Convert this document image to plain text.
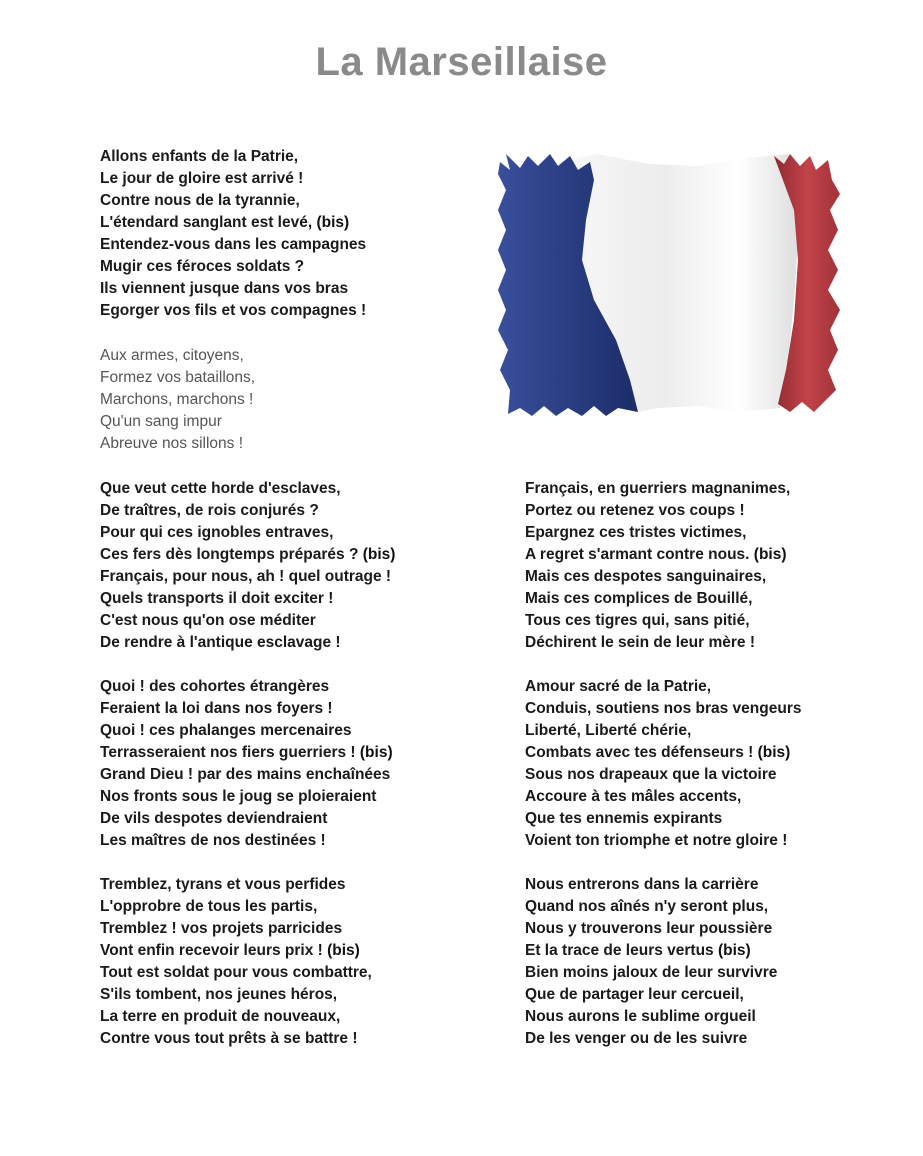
La Marseillaise
Allons enfants de la Patrie,
Le jour de gloire est arrivé !
Contre nous de la tyrannie,
L'étendard sanglant est levé, (bis)
Entendez-vous dans les campagnes
Mugir ces féroces soldats ?
Ils viennent jusque dans vos bras
Egorger vos fils et vos compagnes !
Aux armes, citoyens,
Formez vos bataillons,
Marchons, marchons !
Qu'un sang impur
Abreuve nos sillons !
Que veut cette horde d'esclaves,
De traîtres, de rois conjurés ?
Pour qui ces ignobles entraves,
Ces fers dès longtemps préparés ? (bis)
Français, pour nous, ah ! quel outrage !
Quels transports il doit exciter !
C'est nous qu'on ose méditer
De rendre à l'antique esclavage !
Quoi ! des cohortes étrangères
Feraient la loi dans nos foyers !
Quoi ! ces phalanges mercenaires
Terrasseraient nos fiers guerriers ! (bis)
Grand Dieu ! par des mains enchaînées
Nos fronts sous le joug se ploieraient
De vils despotes deviendraient
Les maîtres de nos destinées !
Tremblez, tyrans et vous perfides
L'opprobre de tous les partis,
Tremblez ! vos projets parricides
Vont enfin recevoir leurs prix ! (bis)
Tout est soldat pour vous combattre,
S'ils tombent, nos jeunes héros,
La terre en produit de nouveaux,
Contre vous tout prêts à se battre !
Français, en guerriers magnanimes,
Portez ou retenez vos coups !
Epargnez ces tristes victimes,
A regret s'armant contre nous. (bis)
Mais ces despotes sanguinaires,
Mais ces complices de Bouillé,
Tous ces tigres qui, sans pitié,
Déchirent le sein de leur mère !
Amour sacré de la Patrie,
Conduis, soutiens nos bras vengeurs
Liberté, Liberté chérie,
Combats avec tes défenseurs ! (bis)
Sous nos drapeaux que la victoire
Accoure à tes mâles accents,
Que tes ennemis expirants
Voient ton triomphe et notre gloire !
Nous entrerons dans la carrière
Quand nos aînés n'y seront plus,
Nous y trouverons leur poussière
Et la trace de leurs vertus (bis)
Bien moins jaloux de leur survivre
Que de partager leur cercueil,
Nous aurons le sublime orgueil
De les venger ou de les suivre
